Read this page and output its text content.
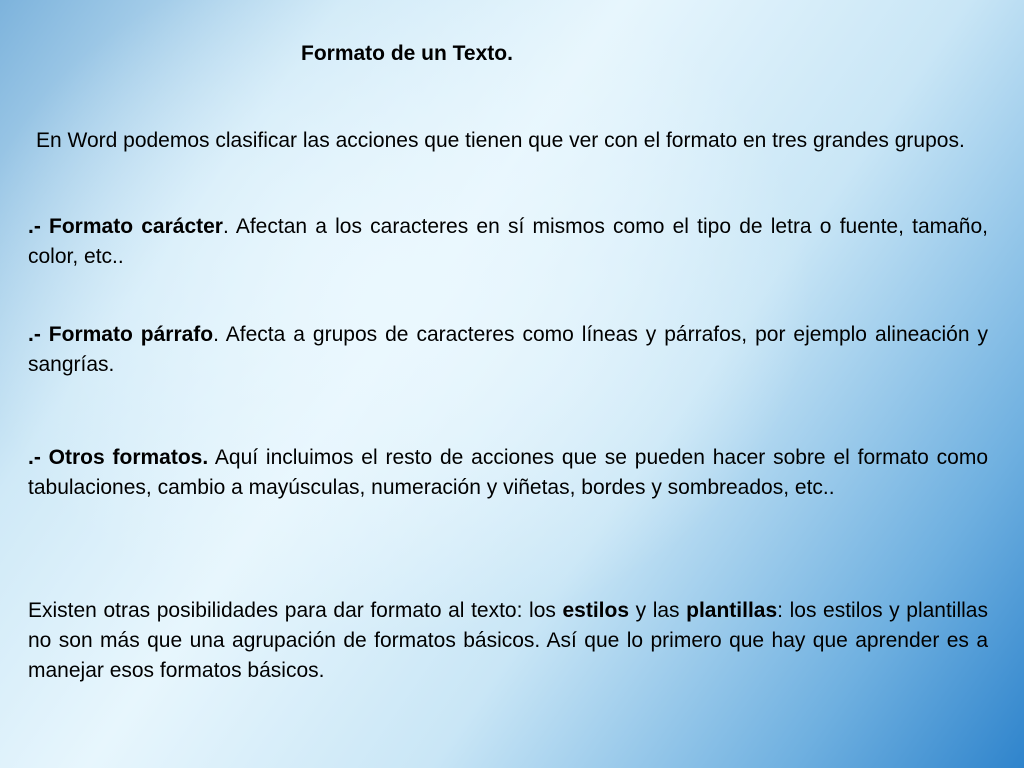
Formato de un Texto.
En Word podemos clasificar las acciones que tienen que ver con el formato en tres grandes grupos.
.- Formato carácter. Afectan a los caracteres en sí mismos como el tipo de letra o fuente, tamaño, color, etc..
.- Formato párrafo. Afecta a grupos de caracteres como líneas y párrafos, por ejemplo alineación y sangrías.
.- Otros formatos. Aquí incluimos el resto de acciones que se pueden hacer sobre el formato como tabulaciones, cambio a mayúsculas, numeración y viñetas, bordes y sombreados, etc..
Existen otras posibilidades para dar formato al texto: los estilos y las plantillas: los estilos y plantillas no son más que una agrupación de formatos básicos. Así que lo primero que hay que aprender es a manejar esos formatos básicos.
